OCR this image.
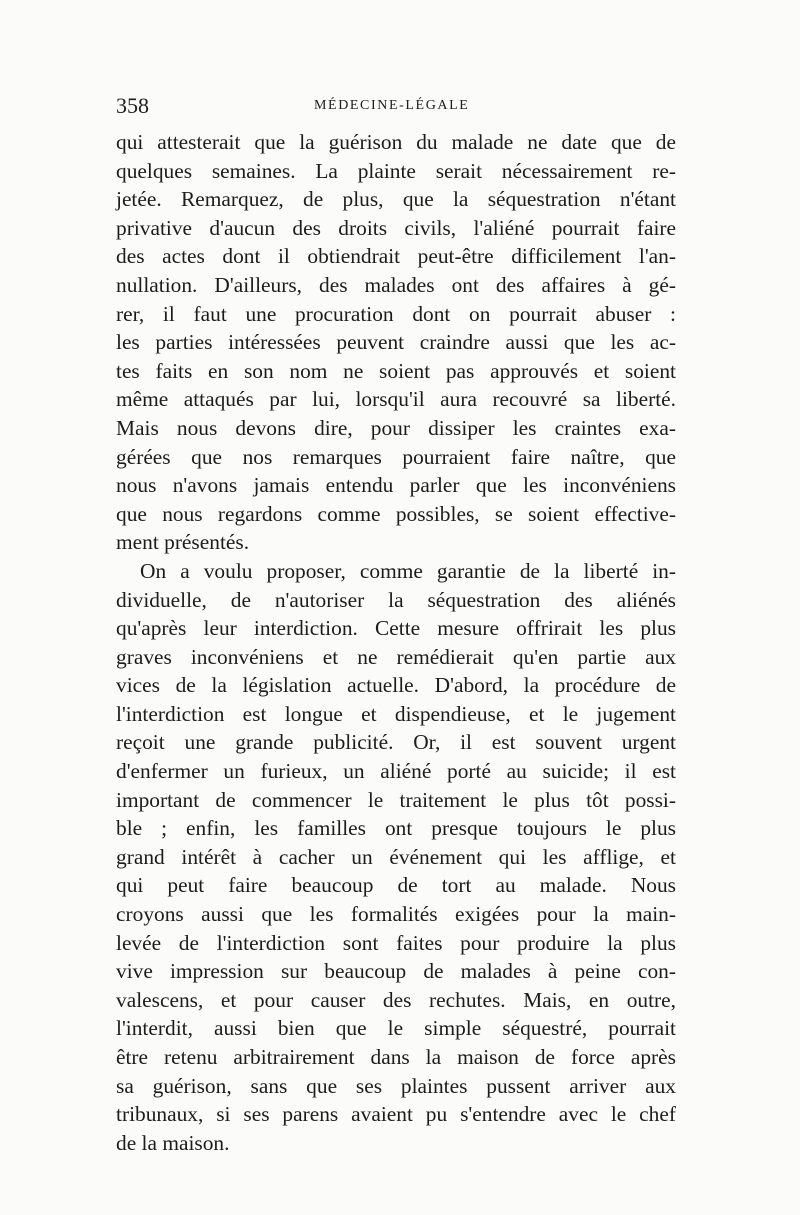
358	MÉDECINE-LÉGALE
qui attesterait que la guérison du malade ne date que de
quelques semaines. La plainte serait nécessairement re-
jetée. Remarquez, de plus, que la séquestration n'étant
privative d'aucun des droits civils, l'aliéné pourrait faire
des actes dont il obtiendrait peut-être difficilement l'an-
nullation. D'ailleurs, des malades ont des affaires à gé-
rer, il faut une procuration dont on pourrait abuser :
les parties intéressées peuvent craindre aussi que les ac-
tes faits en son nom ne soient pas approuvés et soient
même attaqués par lui, lorsqu'il aura recouvré sa liberté.
Mais nous devons dire, pour dissiper les craintes exa-
gérées que nos remarques pourraient faire naître, que
nous n'avons jamais entendu parler que les inconvéniens
que nous regardons comme possibles, se soient effective-
ment présentés.
On a voulu proposer, comme garantie de la liberté in-
dividuelle, de n'autoriser la séquestration des aliénés
qu'après leur interdiction. Cette mesure offrirait les plus
graves inconvéniens et ne remédierait qu'en partie aux
vices de la législation actuelle. D'abord, la procédure de
l'interdiction est longue et dispendieuse, et le jugement
reçoit une grande publicité. Or, il est souvent urgent
d'enfermer un furieux, un aliéné porté au suicide; il est
important de commencer le traitement le plus tôt possi-
ble ; enfin, les familles ont presque toujours le plus
grand intérêt à cacher un événement qui les afflige, et
qui peut faire beaucoup de tort au malade. Nous
croyons aussi que les formalités exigées pour la main-
levée de l'interdiction sont faites pour produire la plus
vive impression sur beaucoup de malades à peine con-
valescens, et pour causer des rechutes. Mais, en outre,
l'interdit, aussi bien que le simple séquestré, pourrait
être retenu arbitrairement dans la maison de force après
sa guérison, sans que ses plaintes pussent arriver aux
tribunaux, si ses parens avaient pu s'entendre avec le chef
de la maison.
